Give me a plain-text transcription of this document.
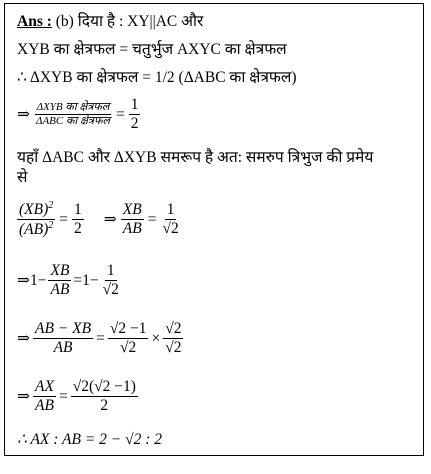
Ans : (b) दिया है : XY||AC और
XYB का क्षेत्रफल = चतुर्भुज AXYC का क्षेत्रफल
∴ ΔXYB का क्षेत्रफल = 1/2 (ΔABC का क्षेत्रफल)
⇒ $\frac{\text{ΔXYB का क्षेत्रफल}}{\text{ΔABC का क्षेत्रफल}} = \frac{1}{2}$
यहाँ ΔABC और ΔXYB समरूप है अत: समरुप त्रिभुज की प्रमेय
से
$\frac{(XB)^2}{(AB)^2} = \frac{1}{2}$ ⇒ $\frac{XB}{AB} = \frac{1}{√2}$
⇒1− $\frac{XB}{AB} =1- \frac{1}{√2}$
⇒ $\frac{AB - XB}{AB} = \frac{√2 -1}{√2} \times \frac{√2}{√2}$
⇒ $\frac{AX}{AB} = \frac{√2(√2 -1)}{2}$
∴ AX : AB = 2 − √2 : 2
